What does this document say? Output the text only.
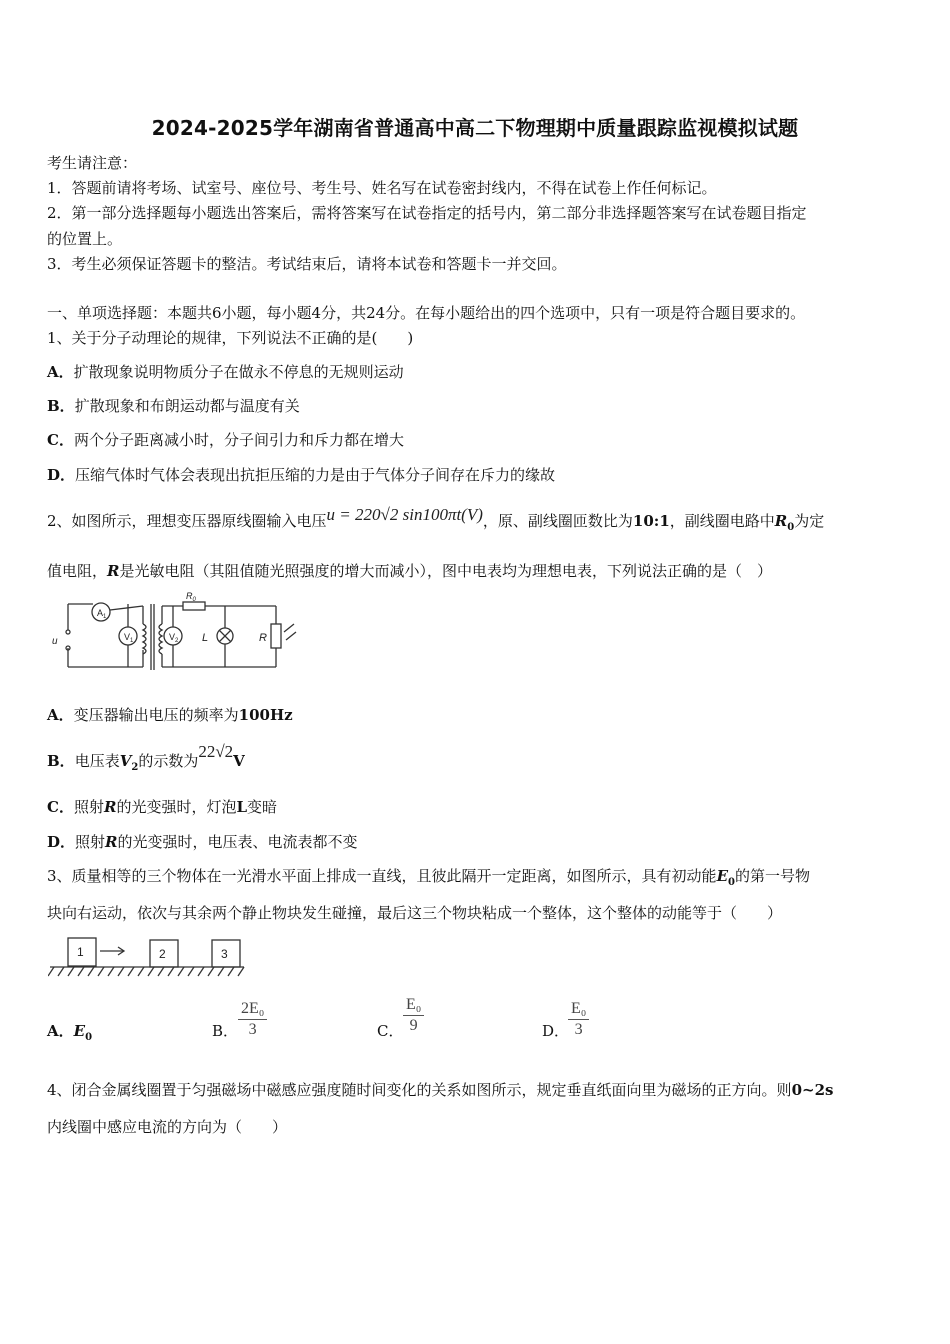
2024-2025学年湖南省普通高中高二下物理期中质量跟踪监视模拟试题
考生请注意：
1．答题前请将考场、试室号、座位号、考生号、姓名写在试卷密封线内，不得在试卷上作任何标记。
2．第一部分选择题每小题选出答案后，需将答案写在试卷指定的括号内，第二部分非选择题答案写在试卷题目指定
的位置上。
3．考生必须保证答题卡的整洁。考试结束后，请将本试卷和答题卡一并交回。
一、单项选择题：本题共6小题，每小题4分，共24分。在每小题给出的四个选项中，只有一项是符合题目要求的。
1、关于分子动理论的规律，下列说法不正确的是(　　)
A．扩散现象说明物质分子在做永不停息的无规则运动
B．扩散现象和布朗运动都与温度有关
C．两个分子距离减小时，分子间引力和斥力都在增大
D．压缩气体时气体会表现出抗拒压缩的力是由于气体分子间存在斥力的缘故
2、如图所示，理想变压器原线圈输入电压u = 220√2 sin100πt(V)，原、副线圈匝数比为10:1，副线圈电路中$R_0$为定
值电阻，R是光敏电阻（其阻值随光照强度的增大而减小），图中电表均为理想电表，下列说法正确的是（　）
$A_1$
$V_1$	$V_2$
$R_0$
L	R
u
A．变压器输出电压的频率为100Hz
B．电压表$V_2$的示数为22√2V
C．照射R的光变强时，灯泡L变暗
D．照射R的光变强时，电压表、电流表都不变
3、质量相等的三个物体在一光滑水平面上排成一直线，且彼此隔开一定距离，如图所示，具有初动能$E_0$的第一号物
块向右运动，依次与其余两个静止物块发生碰撞，最后这三个物块粘成一个整体，这个整体的动能等于（　　）
1	2	3
A．$E_0$	B． $\frac{\text{2E₀}}{3}$	C． $\frac{\text{E₀}}{9}$	D．
$\frac{\text{E₀}}{3}$
4、闭合金属线圈置于匀强磁场中磁感应强度随时间变化的关系如图所示，规定垂直纸面向里为磁场的正方向。则0~2s
内线圈中感应电流的方向为（　　）
